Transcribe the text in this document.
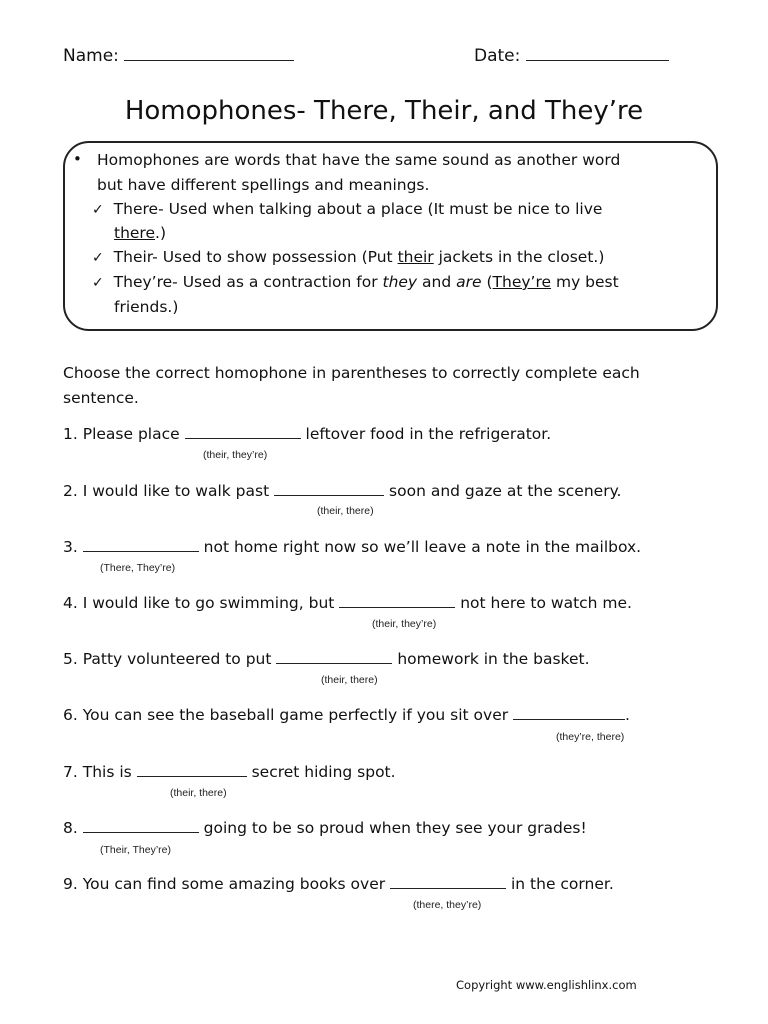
Name:	Date:
Homophones- There, Their, and They’re
• Homophones are words that have the same sound as another word
but have different spellings and meanings.
✓ There- Used when talking about a place (It must be nice to live
there.)
✓ Their- Used to show possession (Put their jackets in the closet.)
✓ They’re- Used as a contraction for they and are (They’re my best
friends.)
Choose the correct homophone in parentheses to correctly complete each sentence.
1. Please place	leftover food in the refrigerator.
(their, they’re)
2. I would like to walk past	soon and gaze at the scenery.
(their, there)
3.	not home right now so we’ll leave a note in the mailbox.
(There, They’re)
4. I would like to go swimming, but	not here to watch me.
(their, they’re)
5. Patty volunteered to put	homework in the basket.
(their, there)
6. You can see the baseball game perfectly if you sit over	.
(they’re, there)
7. This is	secret hiding spot.
(their, there)
8.	going to be so proud when they see your grades!
(Their, They’re)
9. You can find some amazing books over	in the corner.
(there, they’re)
Copyright www.englishlinx.com
